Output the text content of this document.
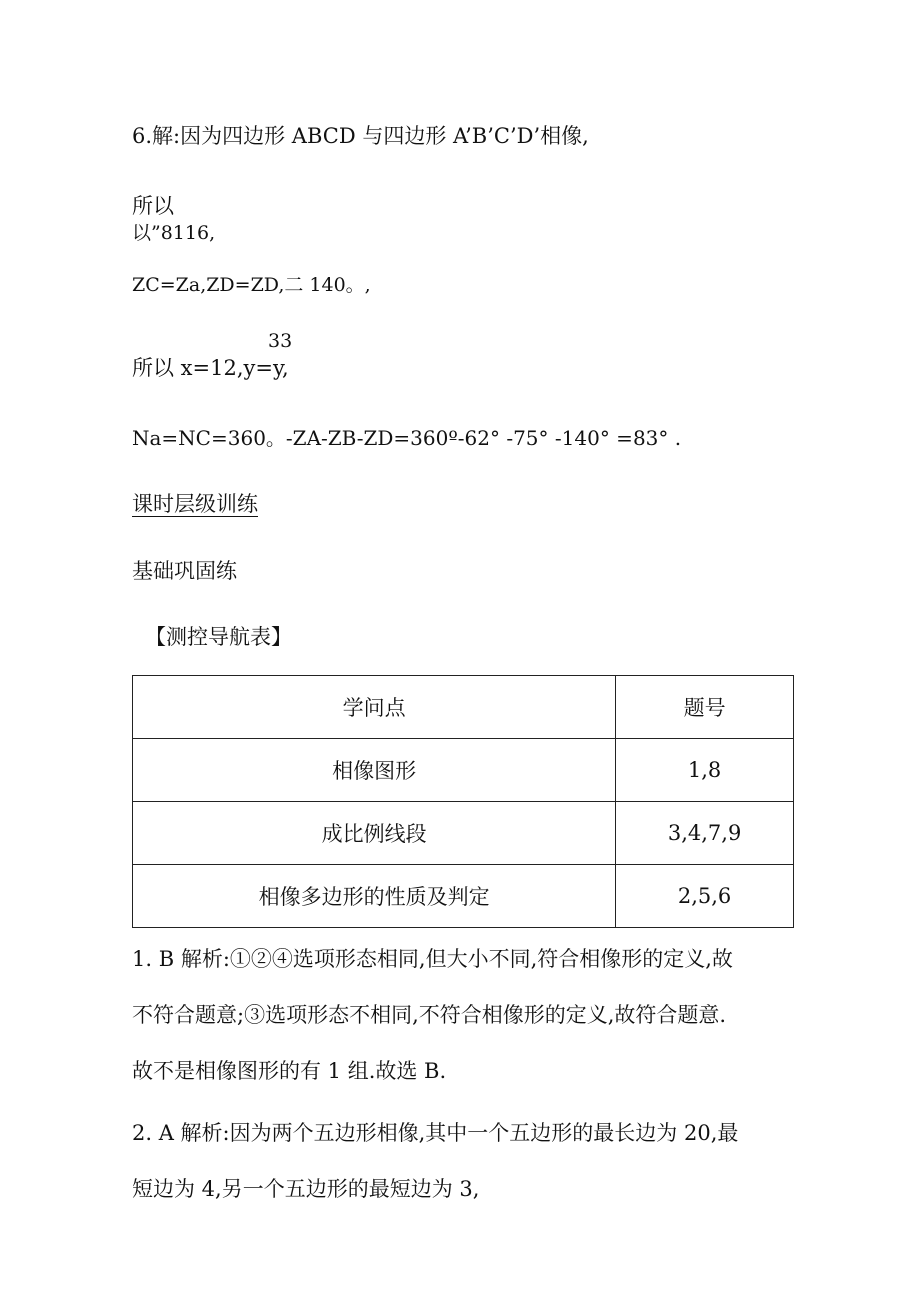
6.解:因为四边形 ABCD 与四边形 A’B’C’D’相像,
所以
以”8116,
ZC=Za,ZD=ZD,二 140。,
33
所以 x=12,y=y,
Na=NC=360。-ZA-ZB-ZD=360º-62° -75° -140° =83° .
课时层级训练
基础巩固练
【测控导航表】
学问点	题号
相像图形	1,8
成比例线段	3,4,7,9
相像多边形的性质及判定	2,5,6
1. B 解析:①②④选项形态相同,但大小不同,符合相像形的定义,故
不符合题意;③选项形态不相同,不符合相像形的定义,故符合题意.
故不是相像图形的有 1 组.故选 B.
2. A 解析:因为两个五边形相像,其中一个五边形的最长边为 20,最
短边为 4,另一个五边形的最短边为 3,
